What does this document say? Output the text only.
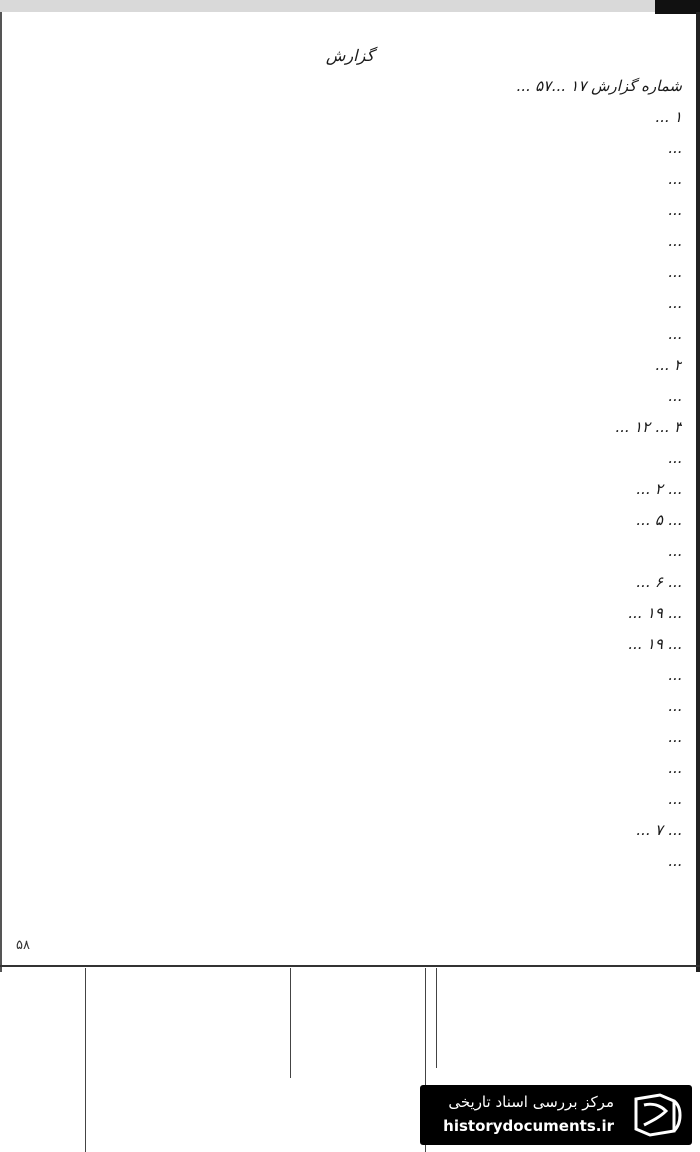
گزارش
شماره گزارش ۱۷ ...۵۷ ...
۱ ...
...
...
...
...
...
...
...
۲ ...
...
۳ ... ۱۲ ...
...
... ۲ ...
... ۵ ...
...
... ۶ ...
... ۱۹ ...
... ۱۹ ...
...
...
...
...
...
... ۷ ...
...
۵۸
مرکز بررسی اسناد تاریخی
historydocuments.ir
